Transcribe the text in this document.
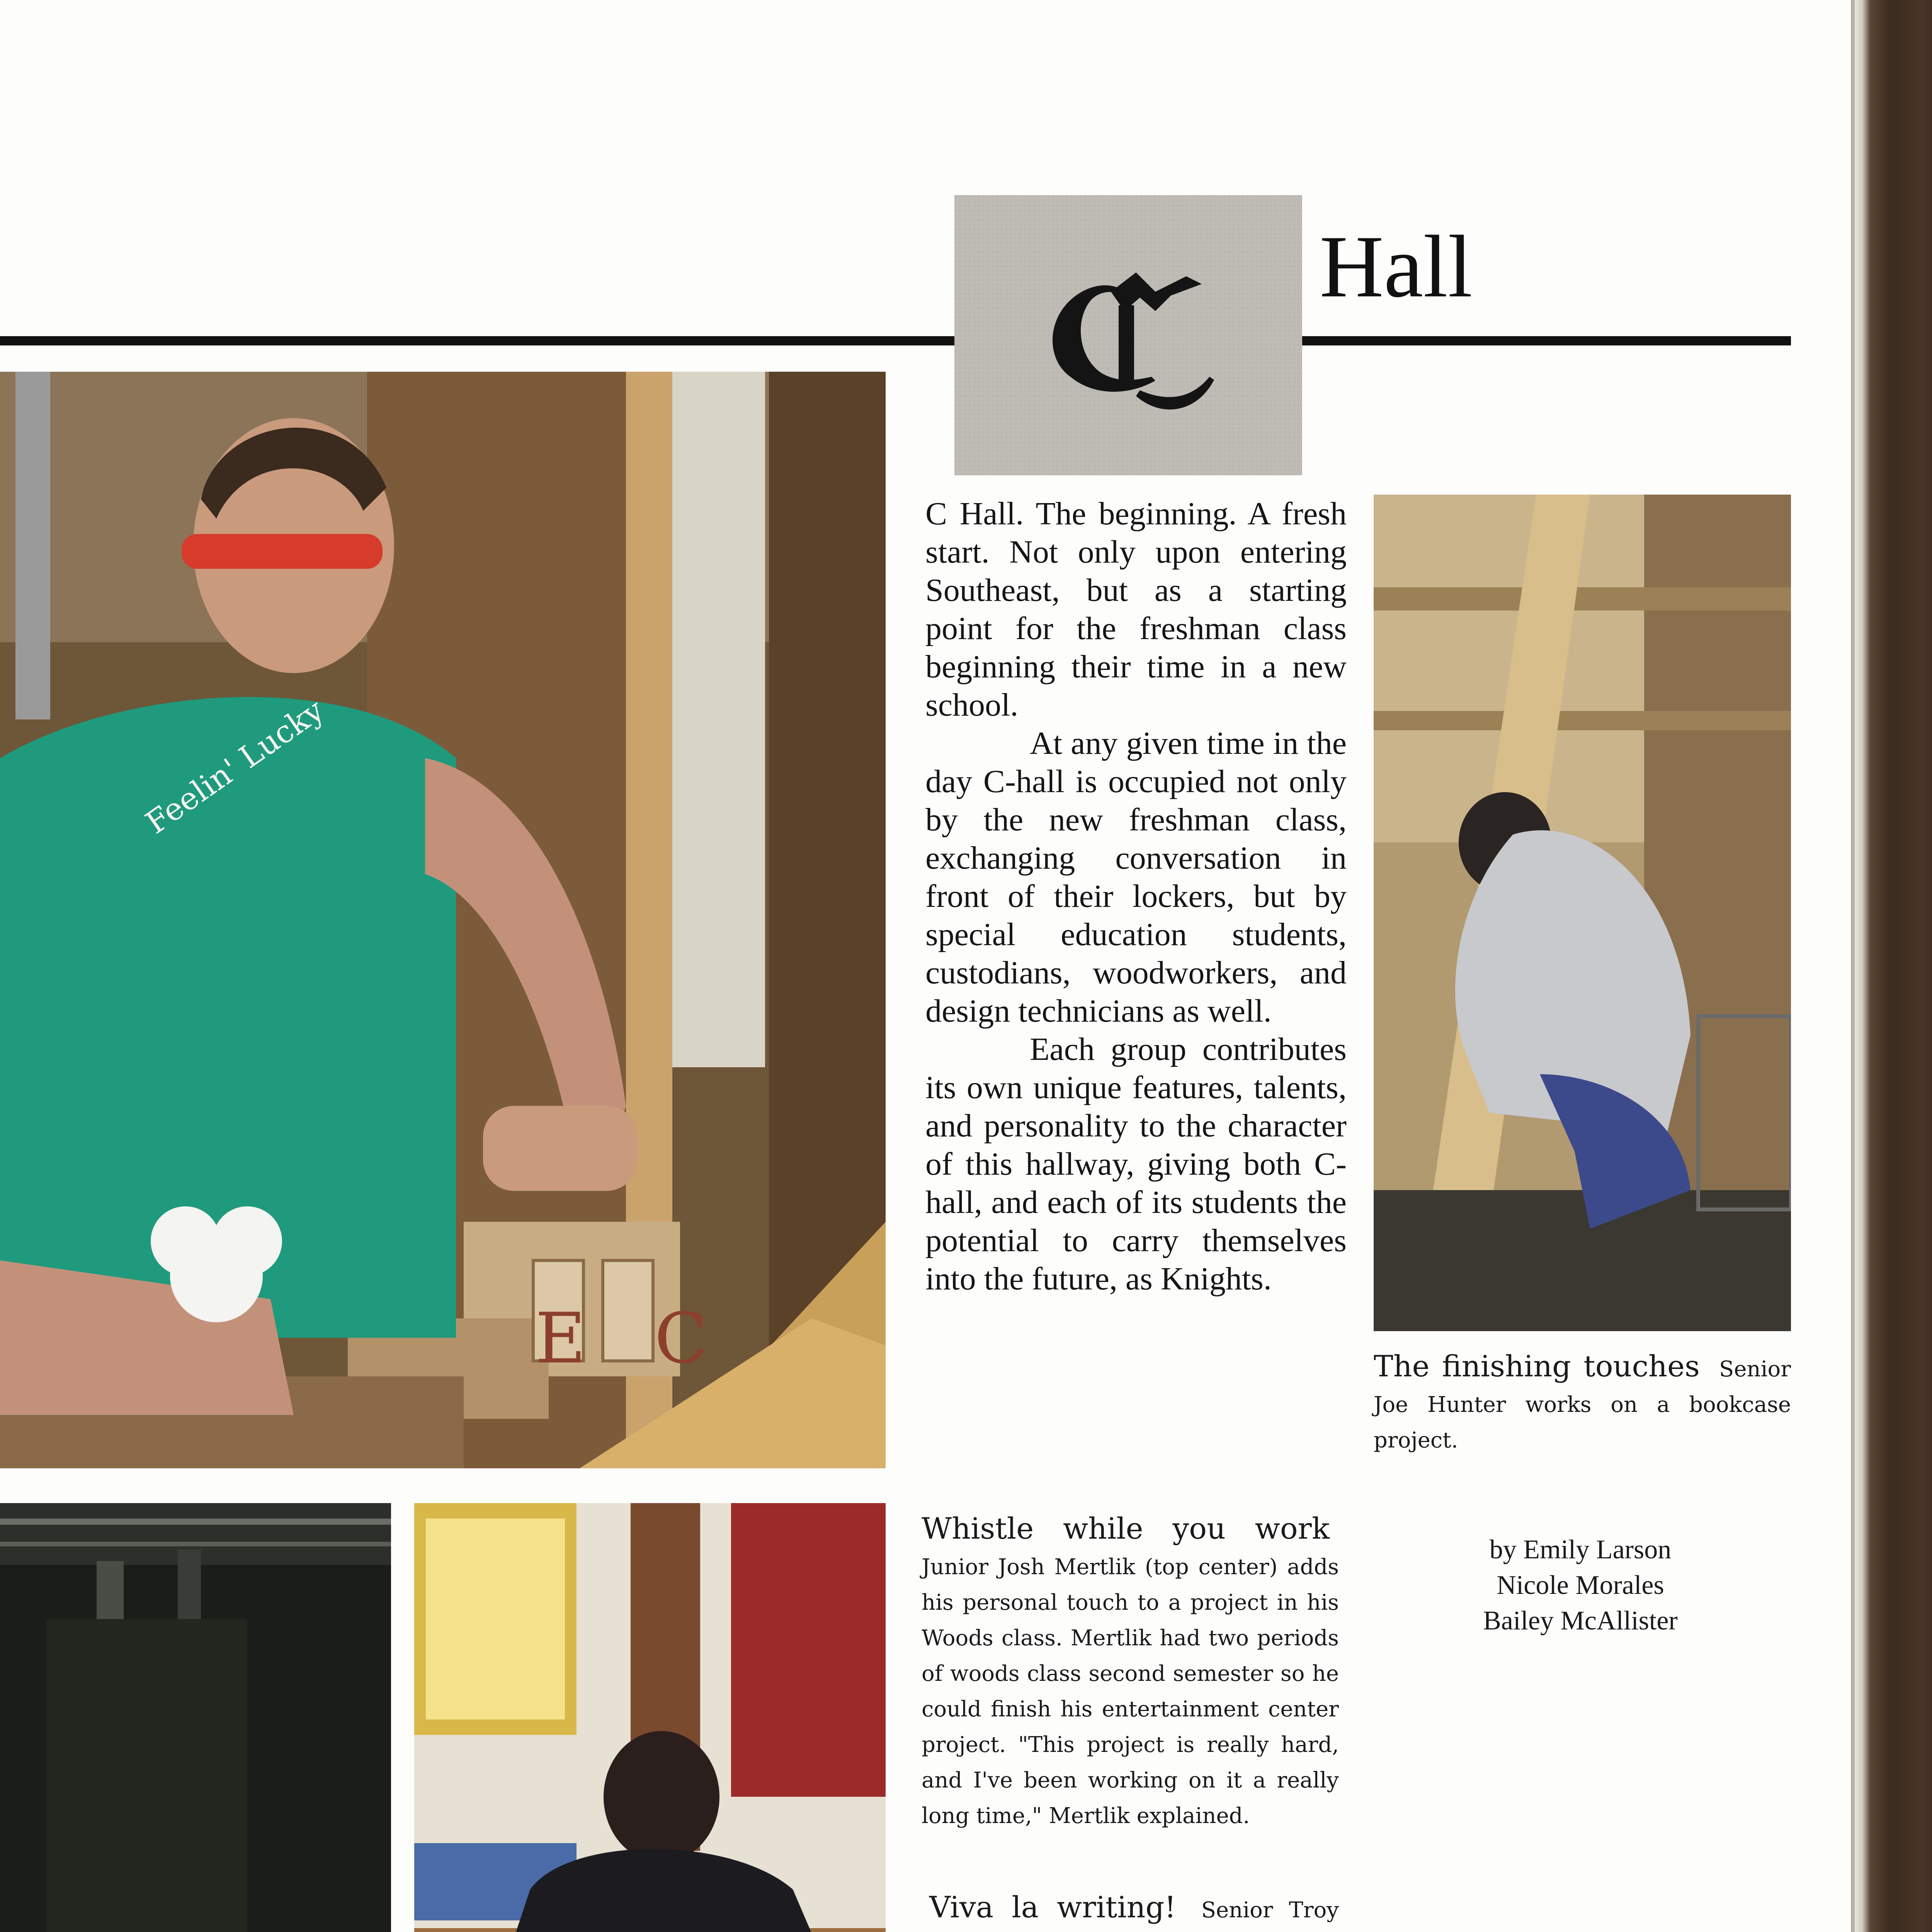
Hall
Feelin' Lucky
E C

C Hall. The beginning. A fresh start. Not only upon entering Southeast, but as a starting point for the freshman class beginning their time in a new school.

At any given time in the day C-hall is occupied not only by the new freshman class, exchanging conversation in front of their lockers, but by special education students, custodians, woodworkers, and design technicians as well.

Each group contributes its own unique features, talents, and personality to the character of this hallway, giving both C-hall, and each of its students the potential to carry themselves into the future, as Knights.

The finishing touches Senior Joe Hunter works on a bookcase project.
Whistle while you work Junior Josh Mertlik (top center) adds his personal touch to a project in his Woods class. Mertlik had two periods of woods class second semester so he could finish his entertainment center project. "This project is really hard, and I've been working on it a really long time," Mertlik explained.
Viva la writing! Senior Troy
by Emily Larson
Nicole Morales
Bailey McAllister
